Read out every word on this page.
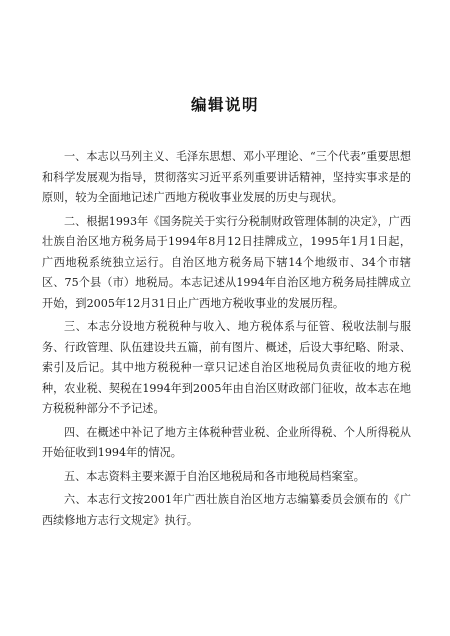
编辑说明

一、本志以马列主义、毛泽东思想、邓小平理论、“三个代表”重要思想和科学发展观为指导，贯彻落实习近平系列重要讲话精神，坚持实事求是的原则，较为全面地记述广西地方税收事业发展的历史与现状。

二、根据1993年《国务院关于实行分税制财政管理体制的决定》，广西壮族自治区地方税务局于1994年8月12日挂牌成立，1995年1月1日起，广西地税系统独立运行。自治区地方税务局下辖14个地级市、34个市辖区、75个县（市）地税局。本志记述从1994年自治区地方税务局挂牌成立开始，到2005年12月31日止广西地方税收事业的发展历程。

三、本志分设地方税税种与收入、地方税体系与征管、税收法制与服务、行政管理、队伍建设共五篇，前有图片、概述，后设大事纪略、附录、索引及后记。其中地方税税种一章只记述自治区地税局负责征收的地方税种，农业税、契税在1994年到2005年由自治区财政部门征收，故本志在地方税税种部分不予记述。

四、在概述中补记了地方主体税种营业税、企业所得税、个人所得税从开始征收到1994年的情况。

五、本志资料主要来源于自治区地税局和各市地税局档案室。

六、本志行文按2001年广西壮族自治区地方志编纂委员会颁布的《广西续修地方志行文规定》执行。
